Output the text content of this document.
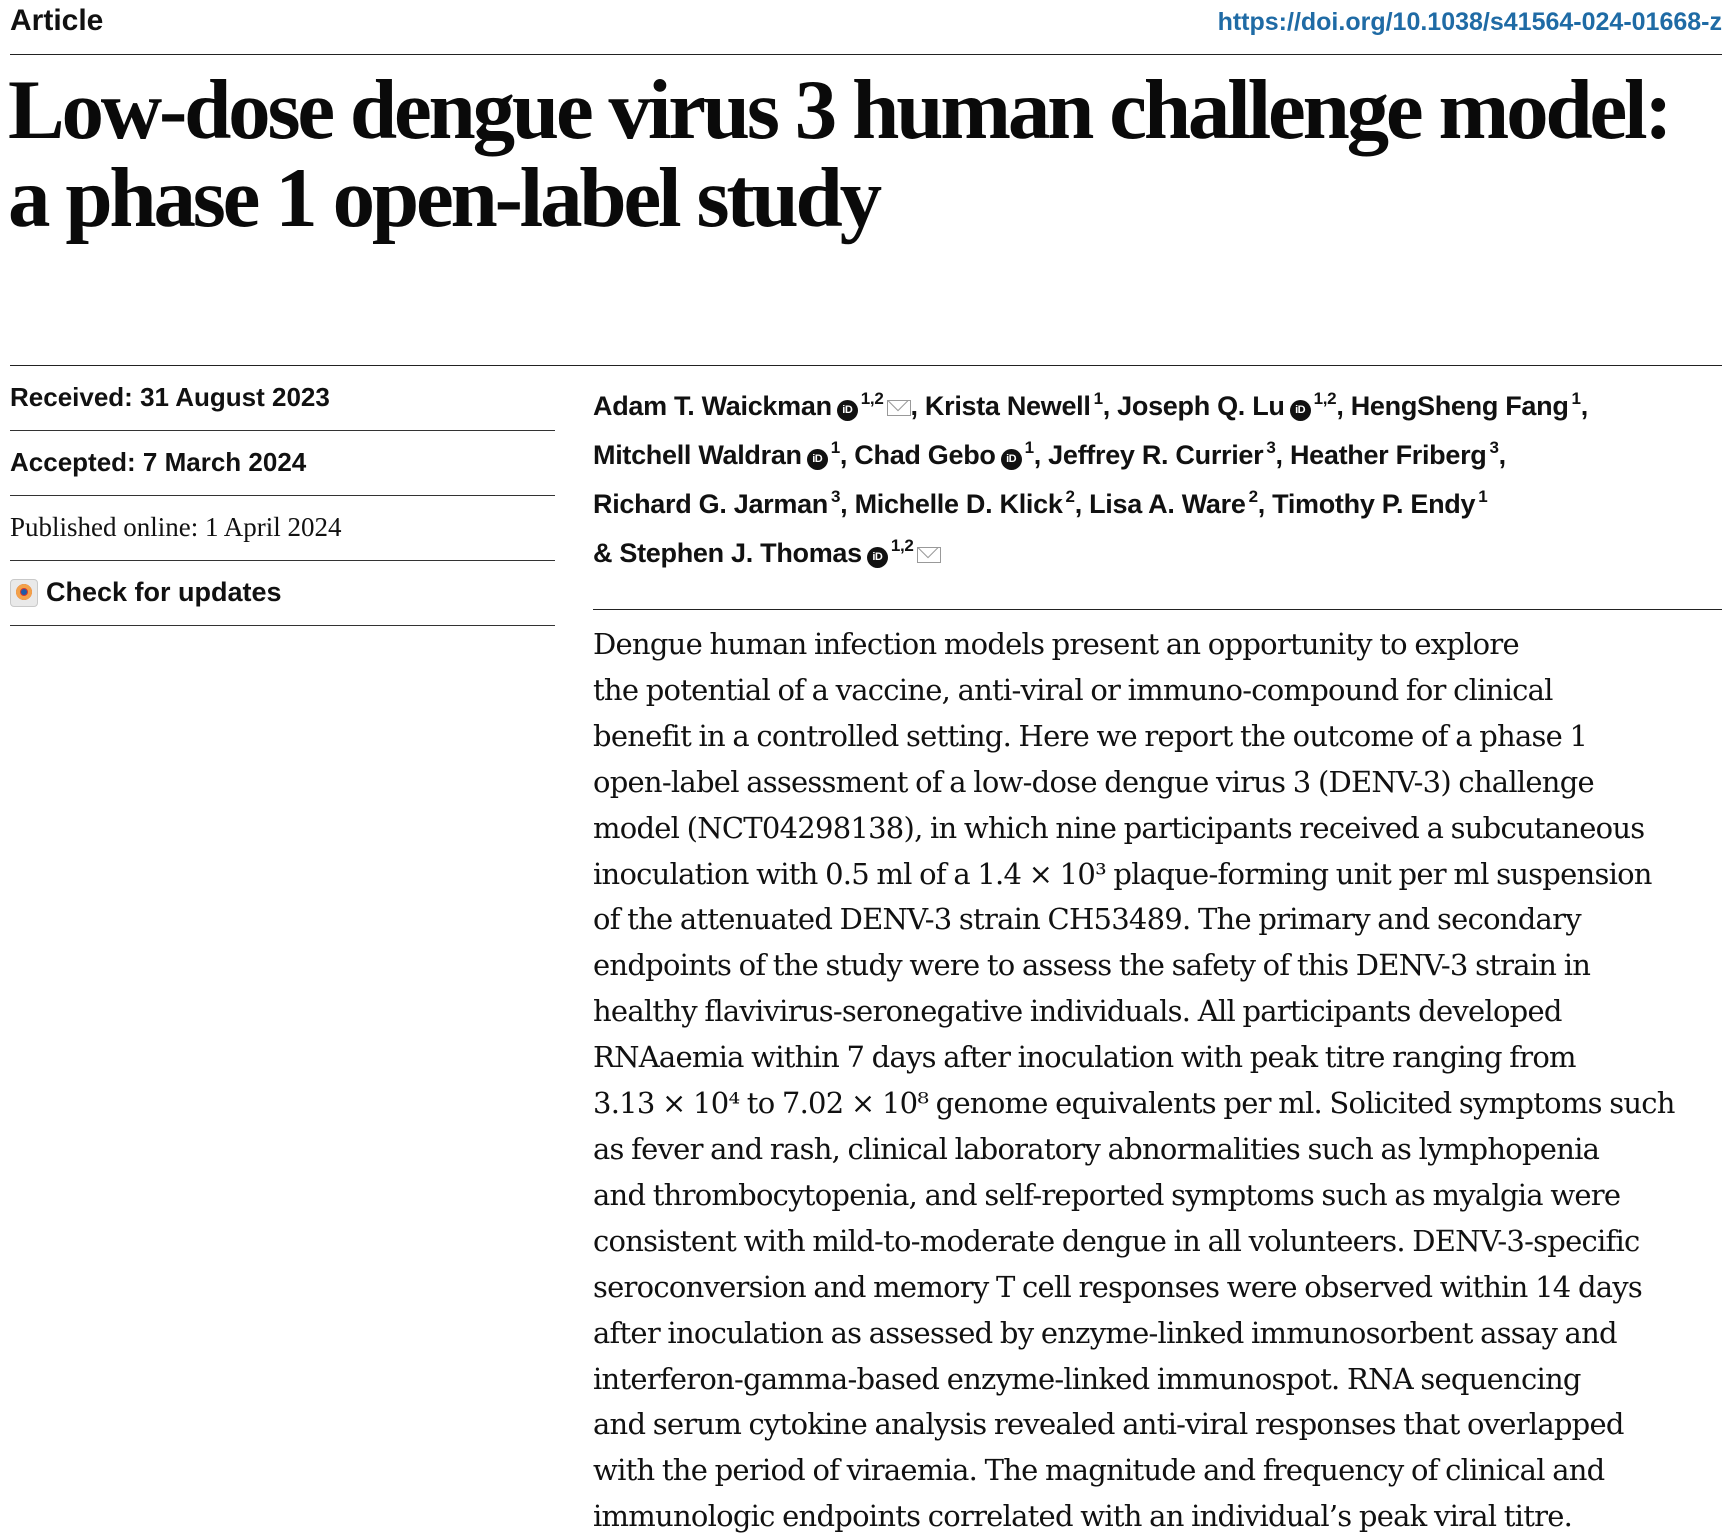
Article	https://doi.org/10.1038/s41564-024-01668-z
Low-dose dengue virus 3 human challenge model: a phase 1 open-label study
Received: 31 August 2023
Accepted: 7 March 2024
Published online: 1 April 2024
Check for updates

Adam T. Waickman iD$^{1,2}$ , Krista Newell $^1$, Joseph Q. Lu iD$^{1,2}$, HengSheng Fang $^1$, Mitchell Waldran iD$^1$, Chad Gebo iD$^1$, Jeffrey R. Currier $^3$, Heather Friberg $^3$, Richard G. Jarman $^3$, Michelle D. Klick $^2$, Lisa A. Ware $^2$, Timothy P. Endy $^1$ & Stephen J. Thomas iD$^{1,2}$

Dengue human infection models present an opportunity to explore
the potential of a vaccine, anti-viral or immuno-compound for clinical
benefit in a controlled setting. Here we report the outcome of a phase 1
open-label assessment of a low-dose dengue virus 3 (DENV-3) challenge
model (NCT04298138), in which nine participants received a subcutaneous
inoculation with 0.5 ml of a 1.4 × 10³ plaque-forming unit per ml suspension
of the attenuated DENV-3 strain CH53489. The primary and secondary
endpoints of the study were to assess the safety of this DENV-3 strain in
healthy flavivirus-seronegative individuals. All participants developed
RNAaemia within 7 days after inoculation with peak titre ranging from
3.13 × 10⁴ to 7.02 × 10⁸ genome equivalents per ml. Solicited symptoms such
as fever and rash, clinical laboratory abnormalities such as lymphopenia
and thrombocytopenia, and self-reported symptoms such as myalgia were
consistent with mild-to-moderate dengue in all volunteers. DENV-3-specific
seroconversion and memory T cell responses were observed within 14 days
after inoculation as assessed by enzyme-linked immunosorbent assay and
interferon-gamma-based enzyme-linked immunospot. RNA sequencing
and serum cytokine analysis revealed anti-viral responses that overlapped
with the period of viraemia. The magnitude and frequency of clinical and
immunologic endpoints correlated with an individual’s peak viral titre.
